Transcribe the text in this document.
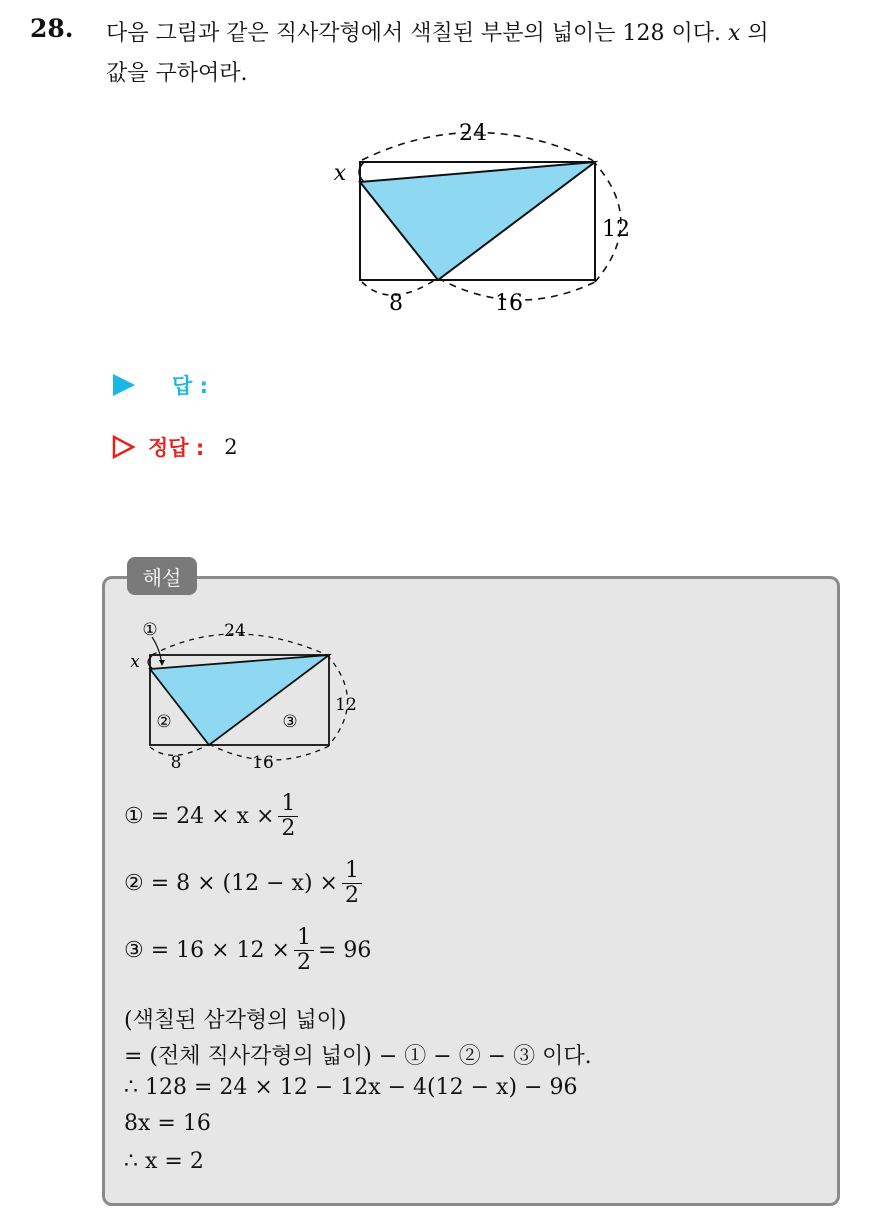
28. 다음 그림과 같은 직사각형에서 색칠된 부분의 넓이는 128 이다. x 의
값을 구하여라.
24
12
8	16
x
답 :
정답 : 2
해설
①
②	③
24
12
8	16
x
① = $24 \times x \times \frac{1}{2}$
② = $8 \times (12 - x) \times \frac{1}{2}$
③ = $16 \times 12 \times \frac{1}{2} = 96$
(색칠된 삼각형의 넓이)
= (전체 직사각형의 넓이) − ① − ② − ③ 이다.
∴ 128 = 24 × 12 − 12x − 4(12 − x) − 96
8x = 16
∴ x = 2
